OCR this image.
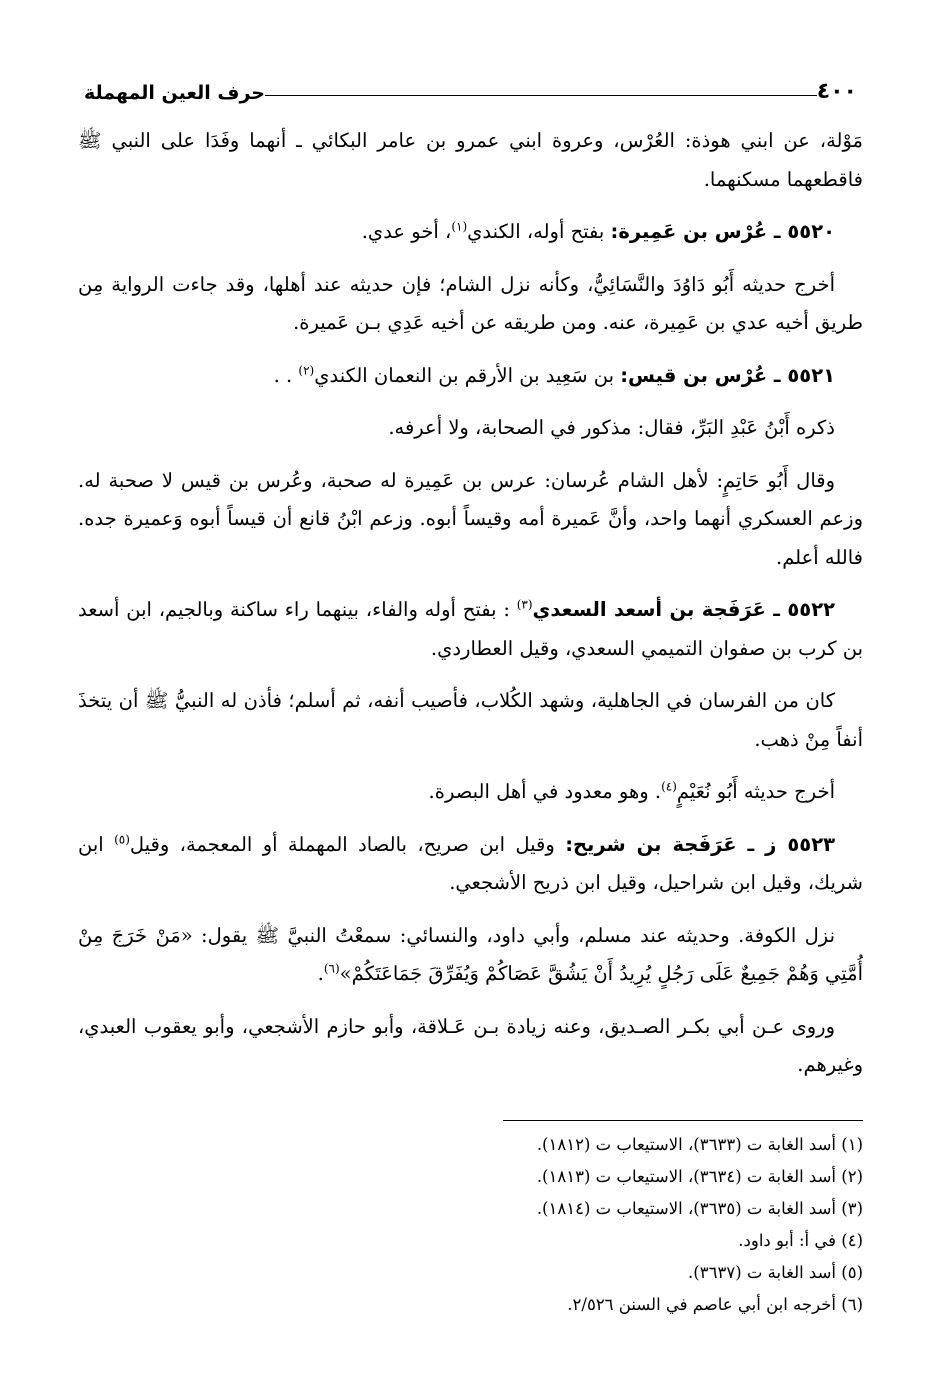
٤٠٠
حرف العين المهملة

مَوْلة، عن ابني هوذة: العُرْس، وعروة ابني عمرو بن عامر البكائي ـ أنهما وفَدَا على النبي ﷺ فاقطعهما مسكنهما.

٥٥٢٠ ـ عُرْس بن عَمِيرة: بفتح أوله، الكندي$^{(١)}$، أخو عدي.

أخرج حديثه أَبُو دَاوُدَ والنَّسَائِيُّ، وكأنه نزل الشام؛ فإن حديثه عند أهلها، وقد جاءت الرواية مِن طريق أخيه عدي بن عَمِيرة، عنه. ومن طريقه عن أخيه عَدِي بـن عَميرة.

٥٥٢١ ـ عُرْس بن قيس: بن سَعِيد بن الأرقم بن النعمان الكندي$^{(٢)}$ . .

ذكره أَبْنُ عَبْدِ البَرِّ، فقال: مذكور في الصحابة، ولا أعرفه.

وقال أَبُو حَاتِمٍ: لأهل الشام عُرسان: عرس بن عَمِيرة له صحبة، وعُرس بن قيس لا صحبة له. وزعم العسكري أنهما واحد، وأنَّ عَميرة أمه وقيساً أبوه. وزعم ابْنُ قانع أن قيساً أبوه وَعميرة جده. فالله أعلم.

٥٥٢٢ ـ عَرَفَجة بن أسعد السعدي$^{(٣)}$ : بفتح أوله والفاء، بينهما راء ساكنة وبالجيم، ابن أسعد بن كرب بن صفوان التميمي السعدي، وقيل العطاردي.

كان من الفرسان في الجاهلية، وشهد الكُلاب، فأصيب أنفه، ثم أسلم؛ فأذن له النبيُّ ﷺ أن يتخذَ أنفاً مِنْ ذهب.

أخرج حديثه أَبُو نُعَيْمٍ$^{(٤)}$. وهو معدود في أهل البصرة.

٥٥٢٣ ز ـ عَرَفَجة بن شريح: وقيل ابن صريح، بالصاد المهملة أو المعجمة، وقيل$^{(٥)}$ ابن شريك، وقيل ابن شراحيل، وقيل ابن ذريح الأشجعي.

نزل الكوفة. وحديثه عند مسلم، وأبي داود، والنسائي: سمعْتُ النبيَّ ﷺ يقول: «مَنْ خَرَجَ مِنْ أُمَّتِي وَهُمْ جَمِيعٌ عَلَى رَجُلٍ يُرِيدُ أَنْ يَشُقَّ عَصَاكُمْ وَيُفَرِّقَ جَمَاعَتَكُمْ»$^{(٦)}$.

وروى عـن أبي بكـر الصـديق، وعنه زيادة بـن عَـلاقة، وأبو حازم الأشجعي، وأبو يعقوب العبدي، وغيرهم.

(١) أسد الغابة ت (٣٦٣٣)، الاستيعاب ت (١٨١٢).

(٢) أسد الغابة ت (٣٦٣٤)، الاستيعاب ت (١٨١٣).

(٣) أسد الغابة ت (٣٦٣٥)، الاستيعاب ت (١٨١٤).

(٤) في أ: أبو داود.

(٥) أسد الغابة ت (٣٦٣٧).

(٦) أخرجه ابن أبي عاصم في السنن ٢/٥٢٦.
